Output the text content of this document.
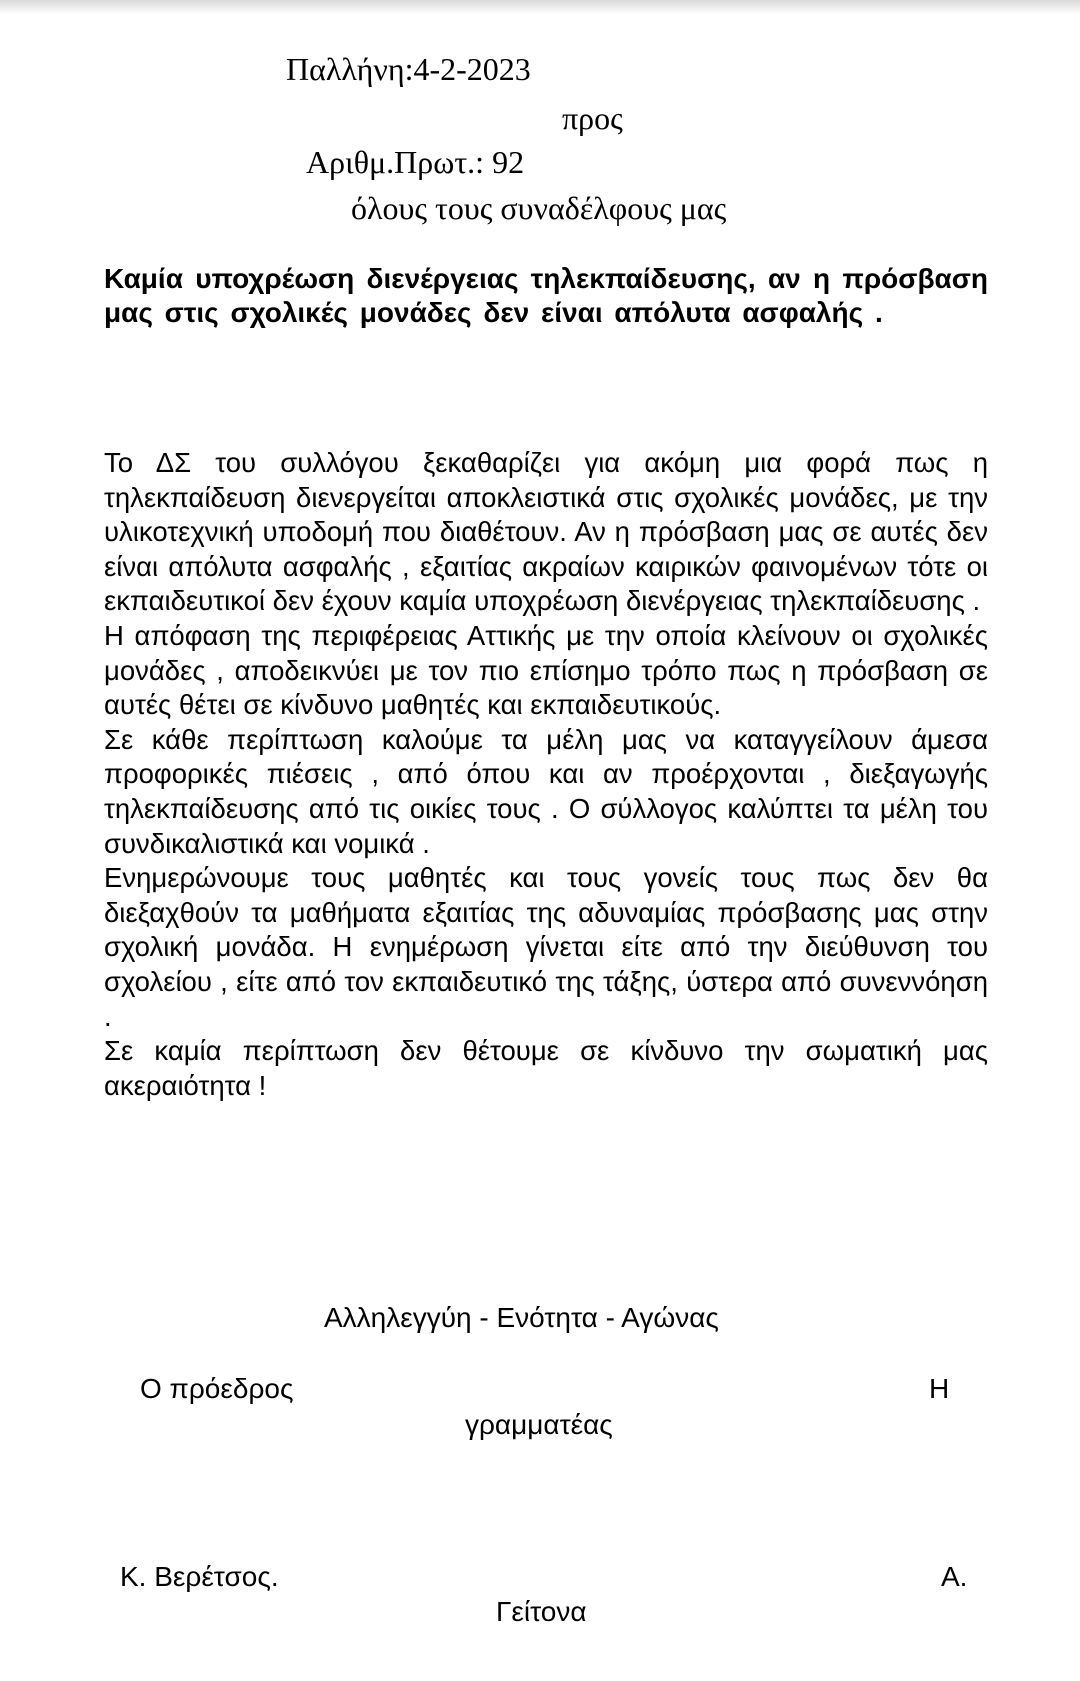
Παλλήνη:4-2-2023
προς
Αριθμ.Πρωτ.: 92
όλους τους συναδέλφους μας
Καμία υποχρέωση διενέργειας τηλεκπαίδευσης, αν η πρόσβαση μας στις σχολικές μονάδες δεν είναι απόλυτα ασφαλής .

Το ΔΣ του συλλόγου ξεκαθαρίζει για ακόμη μια φορά πως η τηλεκπαίδευση διενεργείται αποκλειστικά στις σχολικές μονάδες, με την υλικοτεχνική υποδομή που διαθέτουν. Αν η πρόσβαση μας σε αυτές δεν είναι απόλυτα ασφαλής , εξαιτίας ακραίων καιρικών φαινομένων τότε οι εκπαιδευτικοί δεν έχουν καμία υποχρέωση διενέργειας τηλεκπαίδευσης .

Η απόφαση της περιφέρειας Αττικής με την οποία κλείνουν οι σχολικές μονάδες , αποδεικνύει με τον πιο επίσημο τρόπο πως η πρόσβαση σε αυτές θέτει σε κίνδυνο μαθητές και εκπαιδευτικούς.

Σε κάθε περίπτωση καλούμε τα μέλη μας να καταγγείλουν άμεσα προφορικές πιέσεις , από όπου και αν προέρχονται , διεξαγωγής τηλεκπαίδευσης από τις οικίες τους . Ο σύλλογος καλύπτει τα μέλη του συνδικαλιστικά και νομικά .

Ενημερώνουμε τους μαθητές και τους γονείς τους πως δεν θα διεξαχθούν τα μαθήματα εξαιτίας της αδυναμίας πρόσβασης μας στην σχολική μονάδα. Η ενημέρωση γίνεται είτε από την διεύθυνση του σχολείου , είτε από τον εκπαιδευτικό της τάξης, ύστερα από συνεννόηση .

Σε καμία περίπτωση δεν θέτουμε σε κίνδυνο την σωματική μας ακεραιότητα !

Αλληλεγγύη - Ενότητα - Αγώνας
Ο πρόεδρος	Η
γραμματέας
Κ. Βερέτσος.	Α.
Γείτονα
